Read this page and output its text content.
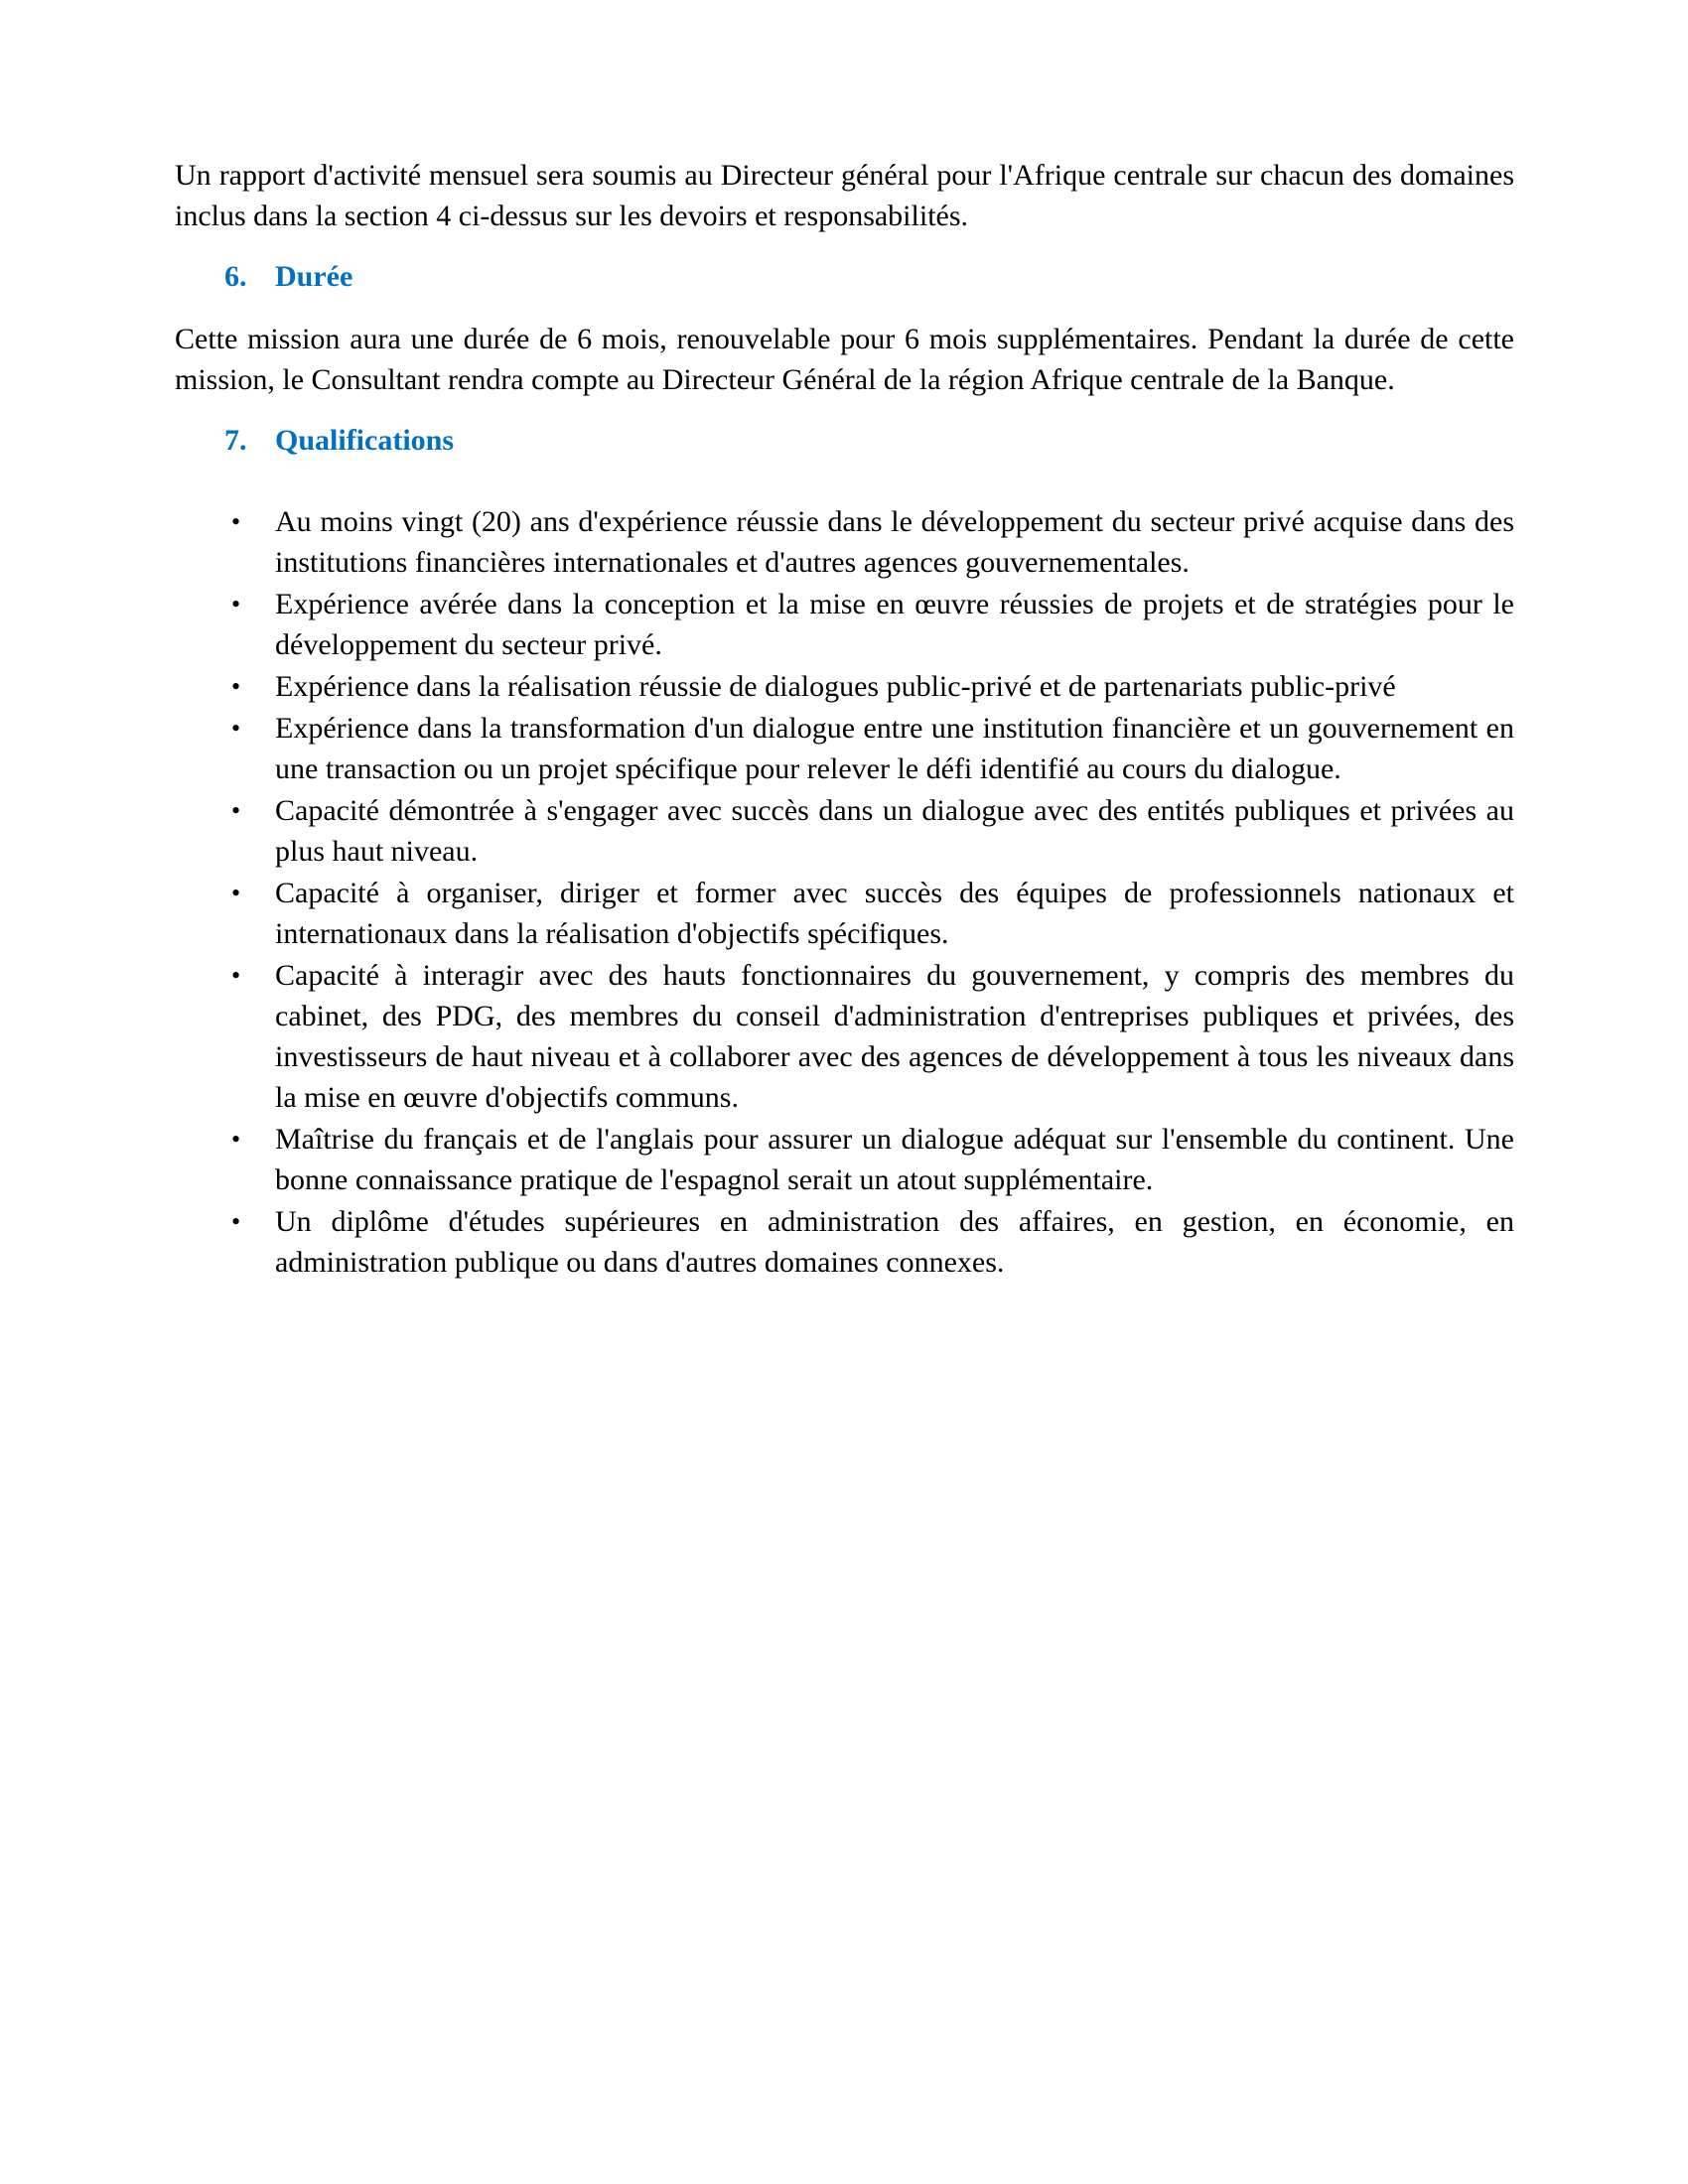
Un rapport d'activité mensuel sera soumis au Directeur général pour l'Afrique centrale sur chacun des domaines inclus dans la section 4 ci-dessus sur les devoirs et responsabilités.

6. Durée

Cette mission aura une durée de 6 mois, renouvelable pour 6 mois supplémentaires. Pendant la durée de cette mission, le Consultant rendra compte au Directeur Général de la région Afrique centrale de la Banque.

7. Qualifications
• Au moins vingt (20) ans d'expérience réussie dans le développement du secteur privé acquise dans des institutions financières internationales et d'autres agences gouvernementales.
• Expérience avérée dans la conception et la mise en œuvre réussies de projets et de stratégies pour le développement du secteur privé.
• Expérience dans la réalisation réussie de dialogues public-privé et de partenariats public-privé
• Expérience dans la transformation d'un dialogue entre une institution financière et un gouvernement en une transaction ou un projet spécifique pour relever le défi identifié au cours du dialogue.
• Capacité démontrée à s'engager avec succès dans un dialogue avec des entités publiques et privées au plus haut niveau.
• Capacité à organiser, diriger et former avec succès des équipes de professionnels nationaux et internationaux dans la réalisation d'objectifs spécifiques.
• Capacité à interagir avec des hauts fonctionnaires du gouvernement, y compris des membres du cabinet, des PDG, des membres du conseil d'administration d'entreprises publiques et privées, des investisseurs de haut niveau et à collaborer avec des agences de développement à tous les niveaux dans la mise en œuvre d'objectifs communs.
• Maîtrise du français et de l'anglais pour assurer un dialogue adéquat sur l'ensemble du continent. Une bonne connaissance pratique de l'espagnol serait un atout supplémentaire.
• Un diplôme d'études supérieures en administration des affaires, en gestion, en économie, en administration publique ou dans d'autres domaines connexes.
